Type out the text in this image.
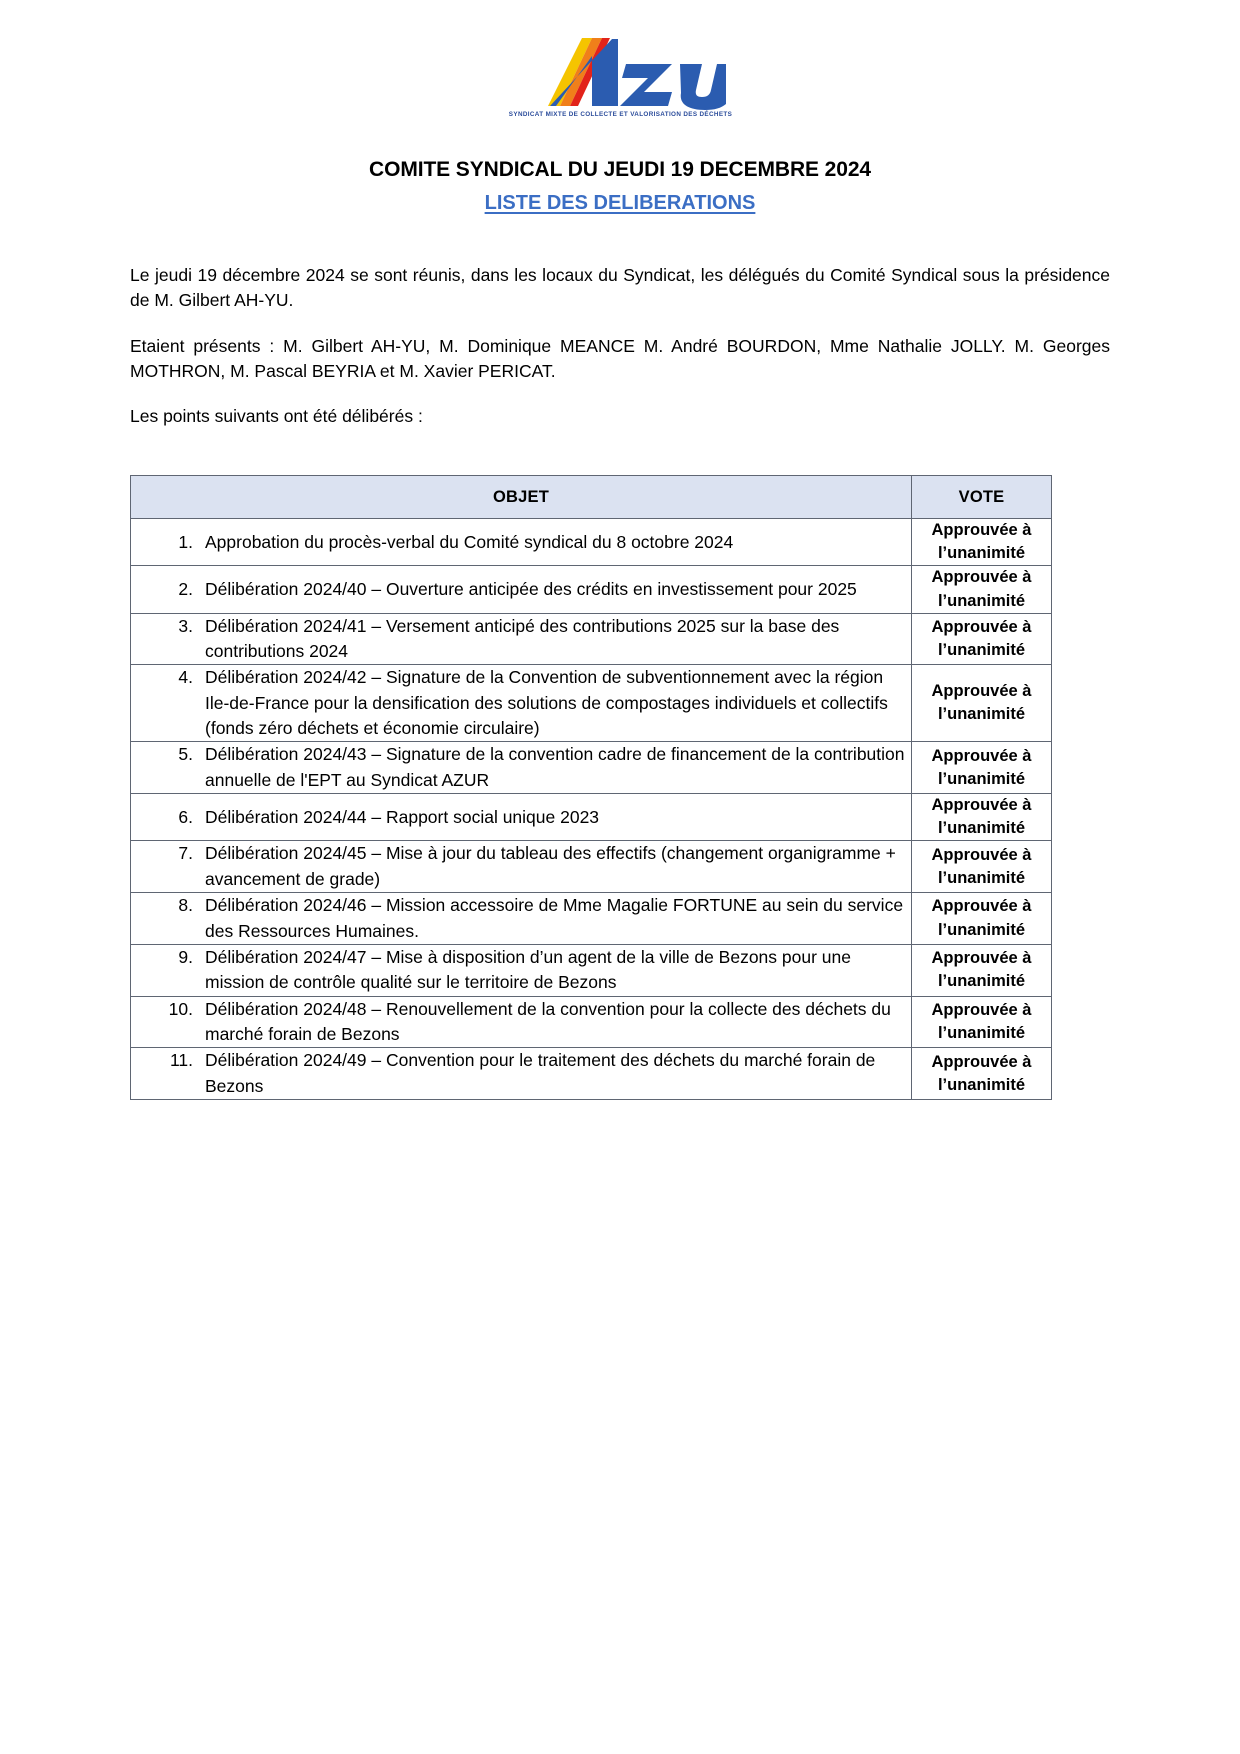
SYNDICAT MIXTE DE COLLECTE ET VALORISATION DES DÉCHETS
COMITE SYNDICAL DU JEUDI 19 DECEMBRE 2024
LISTE DES DELIBERATIONS

Le jeudi 19 décembre 2024 se sont réunis, dans les locaux du Syndicat, les délégués du Comité Syndical sous la présidence de M. Gilbert AH-YU.

Etaient présents : M. Gilbert AH-YU, M. Dominique MEANCE M. André BOURDON, Mme Nathalie JOLLY. M. Georges MOTHRON, M. Pascal BEYRIA et M. Xavier PERICAT.

Les points suivants ont été délibérés :

OBJET	VOTE

1. Approbation du procès-verbal du Comité syndical du 8 octobre 2024	Approuvée à l’unanimité

2. Délibération 2024/40 – Ouverture anticipée des crédits en investissement pour 2025	Approuvée à l’unanimité

3. Délibération 2024/41 – Versement anticipé des contributions 2025 sur la base des contributions 2024	Approuvée à l’unanimité

4. Délibération 2024/42 – Signature de la Convention de subventionnement avec la région Ile-de-France pour la densification des solutions de compostages individuels et collectifs (fonds zéro déchets et économie circulaire)	Approuvée à l’unanimité

5. Délibération 2024/43 – Signature de la convention cadre de financement de la contribution annuelle de l'EPT au Syndicat AZUR	Approuvée à l’unanimité

6. Délibération 2024/44 – Rapport social unique 2023	Approuvée à l’unanimité

7. Délibération 2024/45 – Mise à jour du tableau des effectifs (changement organigramme + avancement de grade)	Approuvée à l’unanimité

8. Délibération 2024/46 – Mission accessoire de Mme Magalie FORTUNE au sein du service des Ressources Humaines.	Approuvée à l’unanimité

9. Délibération 2024/47 – Mise à disposition d’un agent de la ville de Bezons pour une mission de contrôle qualité sur le territoire de Bezons	Approuvée à l’unanimité

10. Délibération 2024/48 – Renouvellement de la convention pour la collecte des déchets du marché forain de Bezons	Approuvée à l’unanimité

11. Délibération 2024/49 – Convention pour le traitement des déchets du marché forain de Bezons	Approuvée à l’unanimité
